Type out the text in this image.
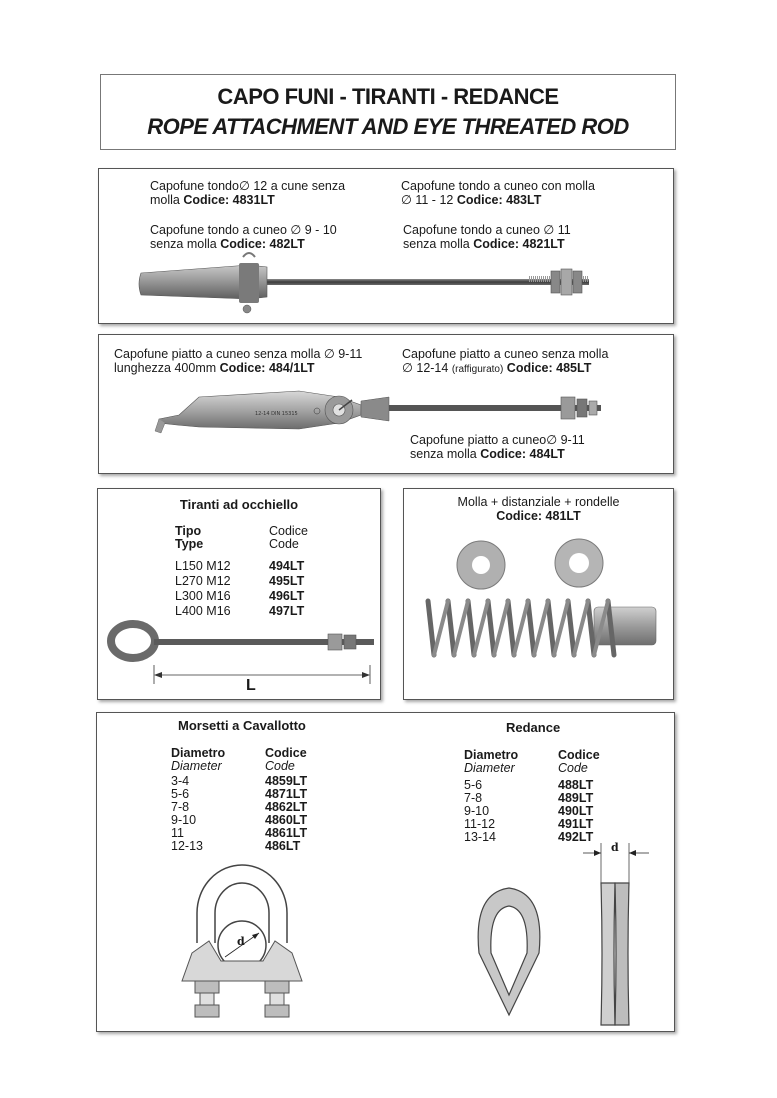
CAPO FUNI - TIRANTI - REDANCE
ROPE ATTACHMENT AND EYE THREATED ROD
Capofune tondo∅ 12 a cune senza
molla Codice: 4831LT
Capofune tondo a cuneo con molla
∅ 11 - 12 Codice: 483LT
Capofune tondo a cuneo ∅ 9 - 10
senza molla Codice: 482LT
Capofune tondo a cuneo ∅ 11
senza molla Codice: 4821LT
Capofune piatto a cuneo senza molla ∅ 9-11
lunghezza 400mm Codice: 484/1LT
Capofune piatto a cuneo senza molla
∅ 12-14 (raffigurato) Codice: 485LT
Capofune piatto a cuneo∅ 9-11
senza molla Codice: 484LT
12-14 DIN 15315
Tiranti ad occhiello
Tipo
Type
Codice
Code
L150 M12
L270 M12
L300 M16
L400 M16
494LT
495LT
496LT
497LT
L
Molla + distanziale + rondelle
Codice: 481LT
Morsetti a Cavallotto
Diametro
Diameter
Codice
Code
3-4
5-6
7-8
9-10
11
12-13
4859LT
4871LT
4862LT
4860LT
4861LT
486LT
d
Redance
Diametro
Diameter
Codice
Code
5-6
7-8
9-10
11-12
13-14
488LT
489LT
490LT
491LT
492LT
d
